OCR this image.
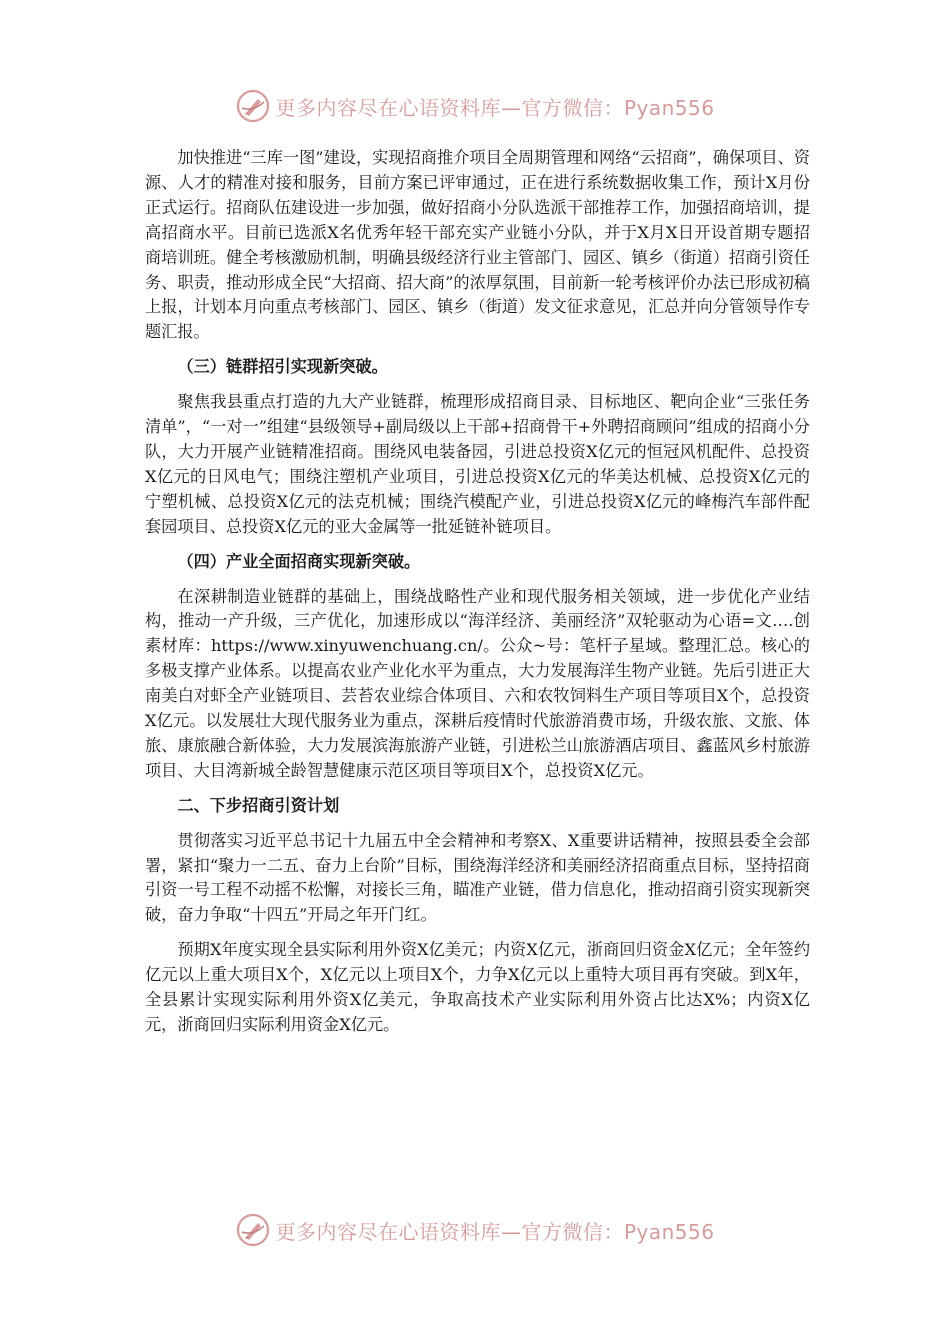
更多内容尽在心语资料库—官方微信：Pyan556

加快推进“三库一图”建设，实现招商推介项目全周期管理和网络“云招商”，确保项目、资源、人才的精准对接和服务，目前方案已评审通过，正在进行系统数据收集工作，预计X月份正式运行。招商队伍建设进一步加强，做好招商小分队选派干部推荐工作，加强招商培训，提高招商水平。目前已选派X名优秀年轻干部充实产业链小分队，并于X月X日开设首期专题招商培训班。健全考核激励机制，明确县级经济行业主管部门、园区、镇乡（街道）招商引资任务、职责，推动形成全民“大招商、招大商”的浓厚氛围，目前新一轮考核评价办法已形成初稿上报，计划本月向重点考核部门、园区、镇乡（街道）发文征求意见，汇总并向分管领导作专题汇报。

（三）链群招引实现新突破。

聚焦我县重点打造的九大产业链群，梳理形成招商目录、目标地区、靶向企业“三张任务清单”，“一对一”组建“县级领导+副局级以上干部+招商骨干+外聘招商顾问”组成的招商小分队，大力开展产业链精准招商。围绕风电装备园，引进总投资X亿元的恒冠风机配件、总投资X亿元的日风电气；围绕注塑机产业项目，引进总投资X亿元的华美达机械、总投资X亿元的宁塑机械、总投资X亿元的法克机械；围绕汽模配产业，引进总投资X亿元的峰梅汽车部件配套园项目、总投资X亿元的亚大金属等一批延链补链项目。

（四）产业全面招商实现新突破。

在深耕制造业链群的基础上，围绕战略性产业和现代服务相关领域，进一步优化产业结构，推动一产升级，三产优化，加速形成以“海洋经济、美丽经济”双轮驱动为心语=文….创素材库：https://www.xinyuwenchuang.cn/。公众~号：笔杆子星域。整理汇总。核心的多极支撑产业体系。以提高农业产业化水平为重点，大力发展海洋生物产业链。先后引进正大南美白对虾全产业链项目、芸苔农业综合体项目、六和农牧饲料生产项目等项目X个，总投资X亿元。以发展壮大现代服务业为重点，深耕后疫情时代旅游消费市场，升级农旅、文旅、体旅、康旅融合新体验，大力发展滨海旅游产业链，引进松兰山旅游酒店项目、鑫蓝风乡村旅游项目、大目湾新城全龄智慧健康示范区项目等项目X个，总投资X亿元。

二、下步招商引资计划

贯彻落实习近平总书记十九届五中全会精神和考察X、X重要讲话精神，按照县委全会部署，紧扣“聚力一二五、奋力上台阶”目标，围绕海洋经济和美丽经济招商重点目标，坚持招商引资一号工程不动摇不松懈，对接长三角，瞄准产业链，借力信息化，推动招商引资实现新突破，奋力争取“十四五”开局之年开门红。

预期X年度实现全县实际利用外资X亿美元；内资X亿元，浙商回归资金X亿元；全年签约亿元以上重大项目X个，X亿元以上项目X个，力争X亿元以上重特大项目再有突破。到X年，全县累计实现实际利用外资X亿美元，争取高技术产业实际利用外资占比达X%；内资X亿元，浙商回归实际利用资金X亿元。

更多内容尽在心语资料库—官方微信：Pyan556
